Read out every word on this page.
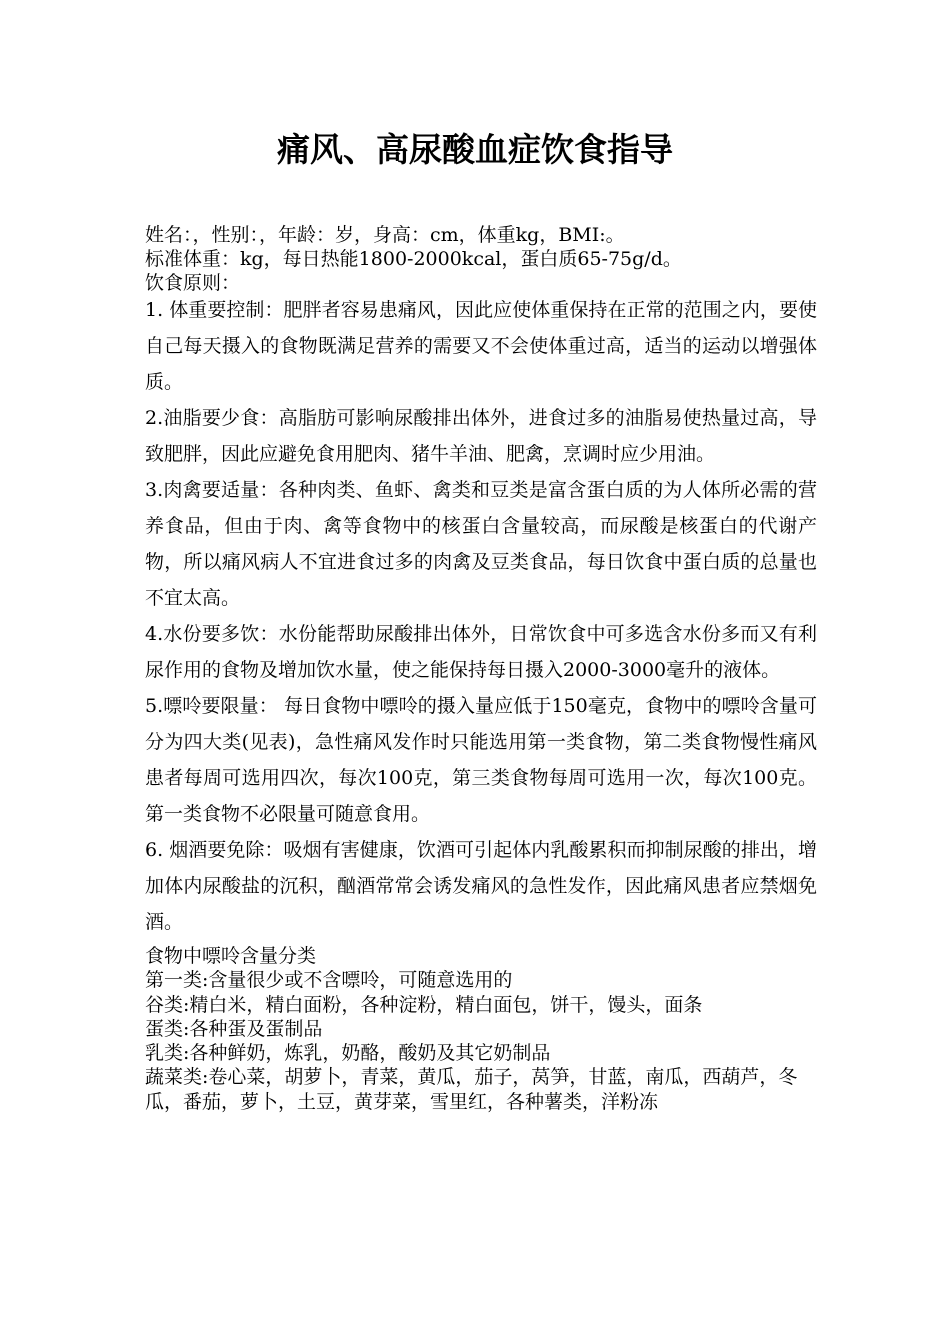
痛风、高尿酸血症饮食指导

姓名：，性别：，年龄：岁，身高：cm，体重kg，BMI:。

标准体重：kg，每日热能1800-2000kcal，蛋白质65-75g/d。

饮食原则：

1. 体重要控制：肥胖者容易患痛风，因此应使体重保持在正常的范围之内，要使自己每天摄入的食物既满足营养的需要又不会使体重过高，适当的运动以增强体质。

2.油脂要少食：高脂肪可影响尿酸排出体外，进食过多的油脂易使热量过高，导致肥胖，因此应避免食用肥肉、猪牛羊油、肥禽，烹调时应少用油。

3.肉禽要适量：各种肉类、鱼虾、禽类和豆类是富含蛋白质的为人体所必需的营养食品，但由于肉、禽等食物中的核蛋白含量较高，而尿酸是核蛋白的代谢产物，所以痛风病人不宜进食过多的肉禽及豆类食品，每日饮食中蛋白质的总量也不宜太高。

4.水份要多饮：水份能帮助尿酸排出体外，日常饮食中可多选含水份多而又有利尿作用的食物及增加饮水量，使之能保持每日摄入2000-3000毫升的液体。

5.嘌呤要限量： 每日食物中嘌呤的摄入量应低于150毫克，食物中的嘌呤含量可分为四大类(见表)，急性痛风发作时只能选用第一类食物，第二类食物慢性痛风患者每周可选用四次，每次100克，第三类食物每周可选用一次，每次100克。第一类食物不必限量可随意食用。

6. 烟酒要免除：吸烟有害健康，饮酒可引起体内乳酸累积而抑制尿酸的排出，增加体内尿酸盐的沉积，酗酒常常会诱发痛风的急性发作，因此痛风患者应禁烟免酒。

食物中嘌呤含量分类

第一类:含量很少或不含嘌呤，可随意选用的

谷类:精白米，精白面粉，各种淀粉，精白面包，饼干，馒头，面条

蛋类:各种蛋及蛋制品

乳类:各种鲜奶，炼乳，奶酪，酸奶及其它奶制品

蔬菜类:卷心菜，胡萝卜，青菜，黄瓜，茄子，莴笋，甘蓝，南瓜，西葫芦，冬瓜，番茄，萝卜，土豆，黄芽菜，雪里红，各种薯类，洋粉冻
